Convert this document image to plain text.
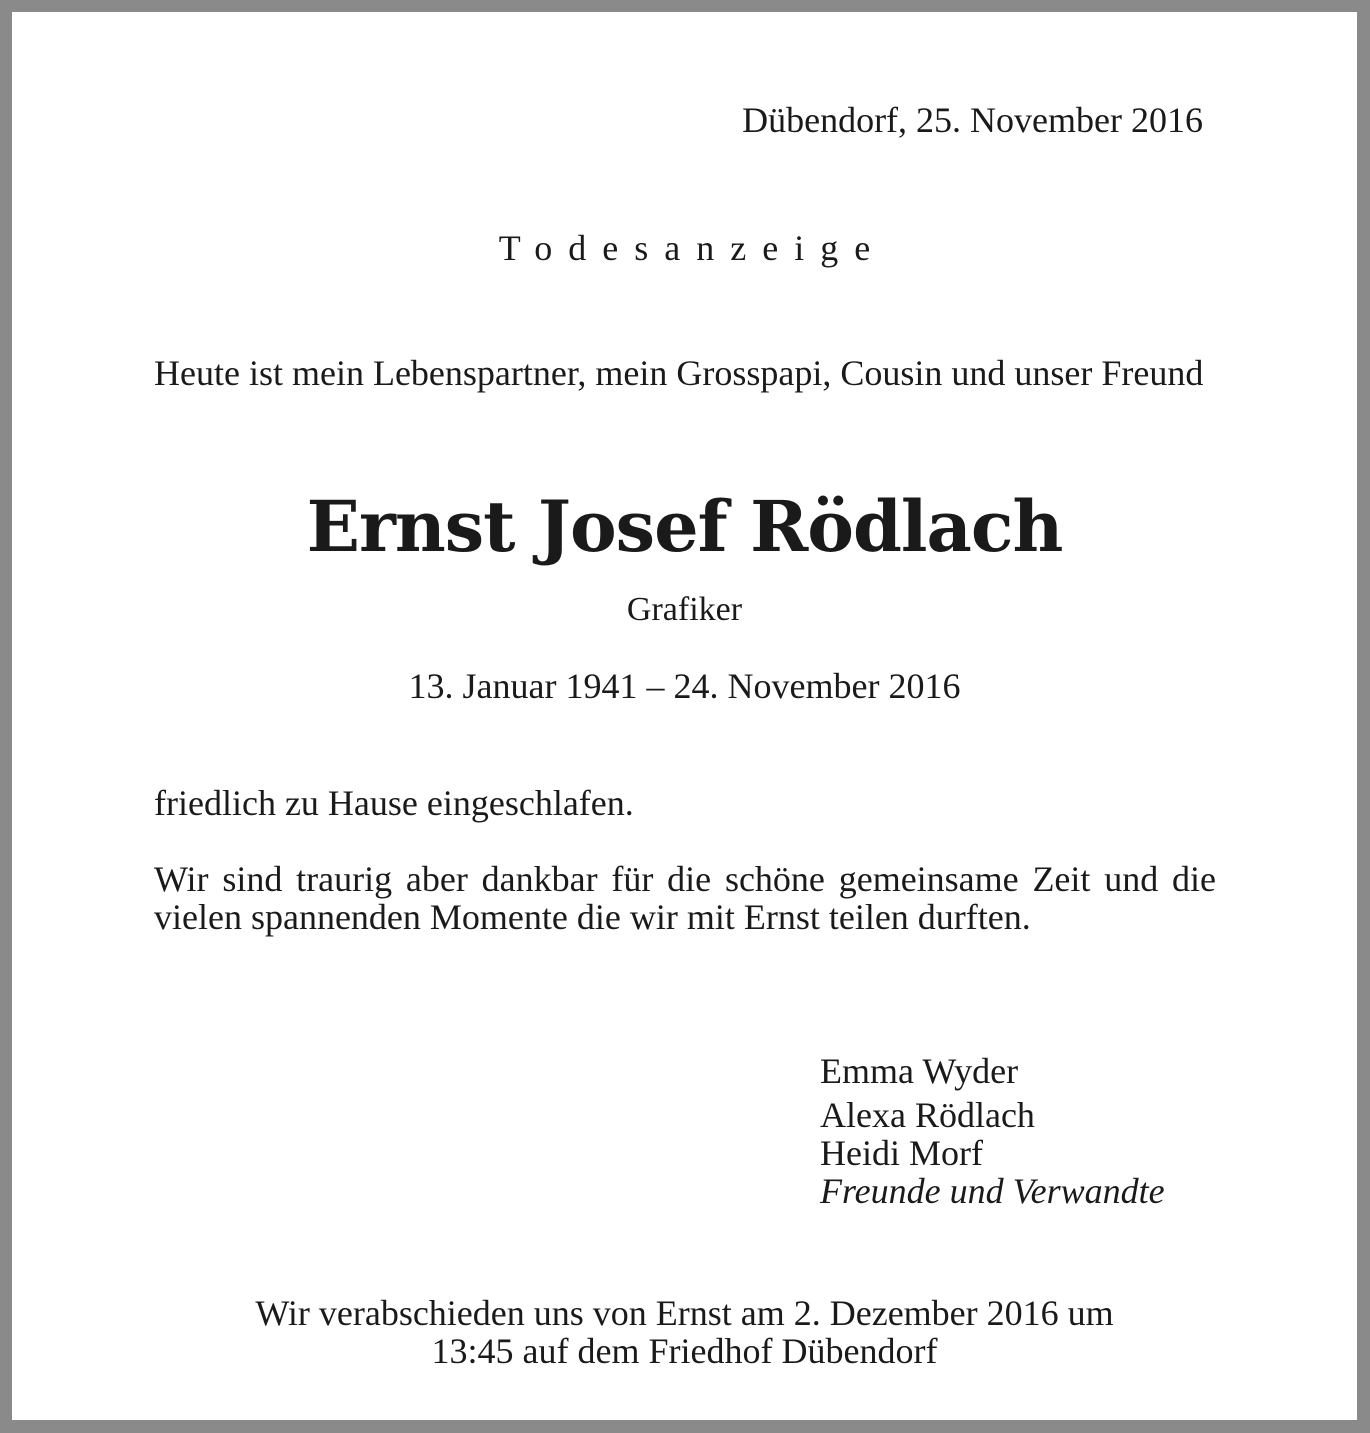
Dübendorf, 25. November 2016
Todesanzeige
Heute ist mein Lebenspartner, mein Grosspapi, Cousin und unser Freund
Ernst Josef Rödlach
Grafiker
13. Januar 1941 – 24. November 2016
friedlich zu Hause eingeschlafen.
Wir sind traurig aber dankbar für die schöne gemeinsame Zeit und die vielen spannenden Momente die wir mit Ernst teilen durften.
Emma Wyder
Alexa Rödlach
Heidi Morf
Freunde und Verwandte
Wir verabschieden uns von Ernst am 2. Dezember 2016 um
13:45 auf dem Friedhof Dübendorf
